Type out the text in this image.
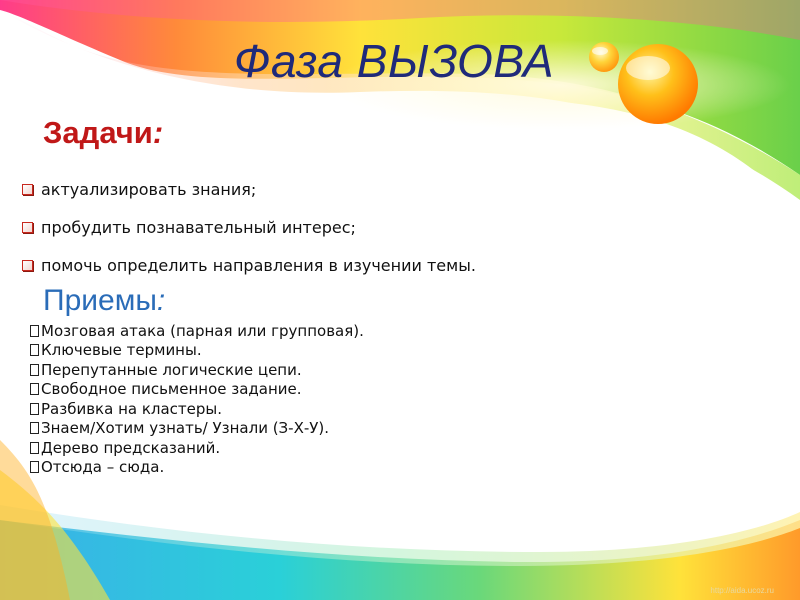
Фаза ВЫЗОВА
Задачи:
актуализировать знания;
пробудить познавательный интерес;
помочь определить направления в изучении темы.
Приемы:
Мозговая атака (парная или групповая).
Ключевые термины.
Перепутанные логические цепи.
Свободное письменное задание.
Разбивка на кластеры.
Знаем/Хотим узнать/ Узнали (З-Х-У).
Дерево предсказаний.
Отсюда – сюда.
http://aida.ucoz.ru
